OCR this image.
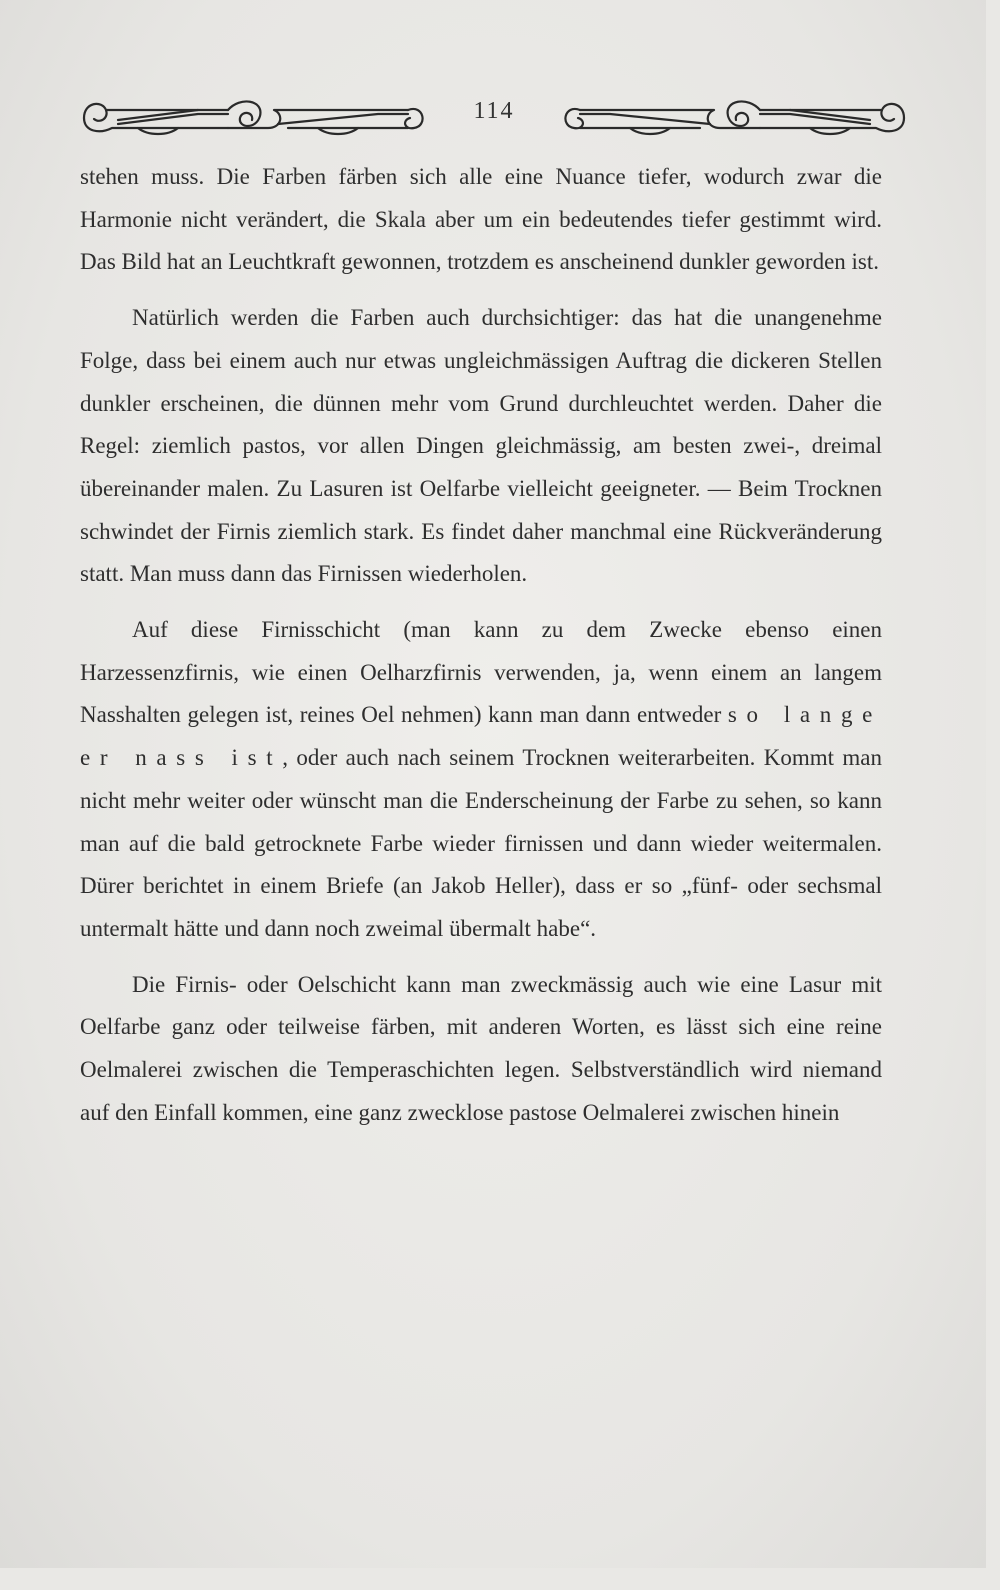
114

stehen muss. Die Farben färben sich alle eine Nuance tiefer, wodurch zwar die Harmonie nicht verändert, die Skala aber um ein bedeutendes tiefer gestimmt wird. Das Bild hat an Leuchtkraft gewonnen, trotzdem es anscheinend dunkler geworden ist.

Natürlich werden die Farben auch durchsichtiger: das hat die unangenehme Folge, dass bei einem auch nur etwas ungleichmässigen Auftrag die dickeren Stellen dunkler erscheinen, die dünnen mehr vom Grund durchleuchtet werden. Daher die Regel: ziemlich pastos, vor allen Dingen gleichmässig, am besten zwei-, dreimal übereinander malen. Zu Lasuren ist Oelfarbe vielleicht geeigneter. — Beim Trocknen schwindet der Firnis ziemlich stark. Es findet daher manchmal eine Rückveränderung statt. Man muss dann das Firnissen wiederholen.

Auf diese Firnisschicht (man kann zu dem Zwecke ebenso einen Harzessenzfirnis, wie einen Oelharzfirnis verwenden, ja, wenn einem an langem Nasshalten gelegen ist, reines Oel nehmen) kann man dann entweder so lange er nass ist, oder auch nach seinem Trocknen weiterarbeiten. Kommt man nicht mehr weiter oder wünscht man die Enderscheinung der Farbe zu sehen, so kann man auf die bald getrocknete Farbe wieder firnissen und dann wieder weitermalen. Dürer berichtet in einem Briefe (an Jakob Heller), dass er so „fünf- oder sechsmal untermalt hätte und dann noch zweimal übermalt habe“.

Die Firnis- oder Oelschicht kann man zweckmässig auch wie eine Lasur mit Oelfarbe ganz oder teilweise färben, mit anderen Worten, es lässt sich eine reine Oelmalerei zwischen die Temperaschichten legen. Selbstverständlich wird niemand auf den Einfall kommen, eine ganz zwecklose pastose Oelmalerei zwischen hinein
